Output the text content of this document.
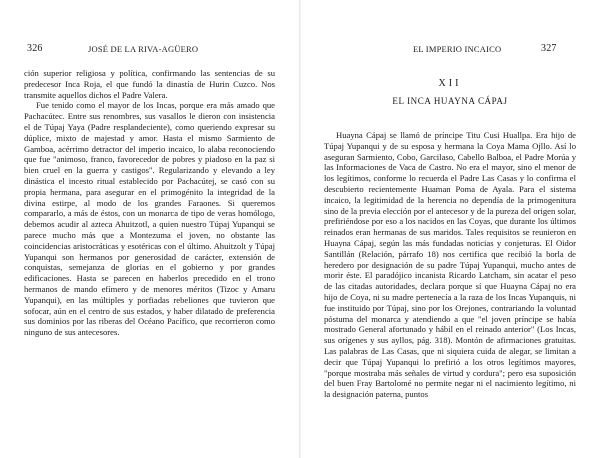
326	JOSÉ DE LA RIVA-AGÜERO

ción superior religiosa y política, confirmando las sentencias de su predecesor Inca Roja, el que fundó la dinastía de Hurin Cuzco. Nos transmite aquellos dichos el Padre Valera.

Fue tenido como el mayor de los Incas, porque era más amado que Pachacútec. Entre sus renombres, sus vasallos le dieron con insistencia el de Túpaj Yaya (Padre resplandeciente), como queriendo expresar su dúplice, mixto de majestad y amor. Hasta el mismo Sarmiento de Gamboa, acérrimo detractor del imperio incaico, lo alaba reconociendo que fue "animoso, franco, favorecedor de pobres y piadoso en la paz si bien cruel en la guerra y castigos". Regularizando y elevando a ley dinástica el incesto ritual establecido por Pachacútej, se casó con su propia hermana, para asegurar en el primogénito la integridad de la divina estirpe, al modo de los grandes Faraones. Si queremos compararlo, a más de éstos, con un monarca de tipo de veras homólogo, debemos acudir al azteca Ahuitzotl, a quien nuestro Túpaj Yupanqui se parece mucho más que a Montezuma el joven, no obstante las coincidencias aristocráticas y esotéricas con el último. Ahuitzolt y Túpaj Yupanqui son hermanos por generosidad de carácter, extensión de conquistas, semejanza de glorias en el gobierno y por grandes edificaciones. Hasta se parecen en haberlos precedido en el trono hermanos de mando efímero y de menores méritos (Tizoc y Amaru Yupanqui), en las múltiples y porfiadas rebeliones que tuvieron que sofocar, aún en el centro de sus estados, y haber dilatado de preferencia sus dominios por las riberas del Océano Pacífico, que recorrieron como ninguno de sus antecesores.

EL IMPERIO INCAICO	327
XII
EL INCA HUAYNA CÁPAJ

Huayna Cápaj se llamó de príncipe Titu Cusi Huallpa. Era hijo de Túpaj Yupanqui y de su esposa y hermana la Coya Mama Ojllo. Así lo aseguran Sarmiento, Cobo, Garcilaso, Cabello Balboa, el Padre Morúa y las Informaciones de Vaca de Castro. No era el mayor, sino el menor de los legítimos, conforme lo recuerda el Padre Las Casas y lo confirma el descubierto recientemente Huaman Poma de Ayala. Para el sistema incaico, la legitimidad de la herencia no dependía de la primogenitura sino de la previa elección por el antecesor y de la pureza del origen solar, prefiriéndose por eso a los nacidos en las Coyas, que durante los últimos reinados eran hermanas de sus maridos. Tales requisitos se reunieron en Huayna Cápaj, según las más fundadas noticias y conjeturas. El Oidor Santillán (Relación, párrafo 18) nos certifica que recibió la borla de heredero por designación de su padre Túpaj Yupanqui, mucho antes de morir éste. El paradójico incanista Ricardo Latcham, sin acatar el peso de las citadas autoridades, declara porque sí que Huayna Cápaj no era hijo de Coya, ni su madre pertenecía a la raza de los Incas Yupanquis, ni fue instituido por Túpaj, sino por los Orejones, contrariando la voluntad póstuma del monarca y atendiendo a que "el joven príncipe se había mostrado General afortunado y hábil en el reinado anterior" (Los Incas, sus orígenes y sus ayllos, pág. 318). Montón de afirmaciones gratuitas. Las palabras de Las Casas, que ni siquiera cuida de alegar, se limitan a decir que Túpaj Yupanqui lo prefirió a los otros legítimos mayores, "porque mostraba más señales de virtud y cordura"; pero esa suposición del buen Fray Bartolomé no permite negar ni el nacimiento legítimo, ni la designación paterna, puntos
